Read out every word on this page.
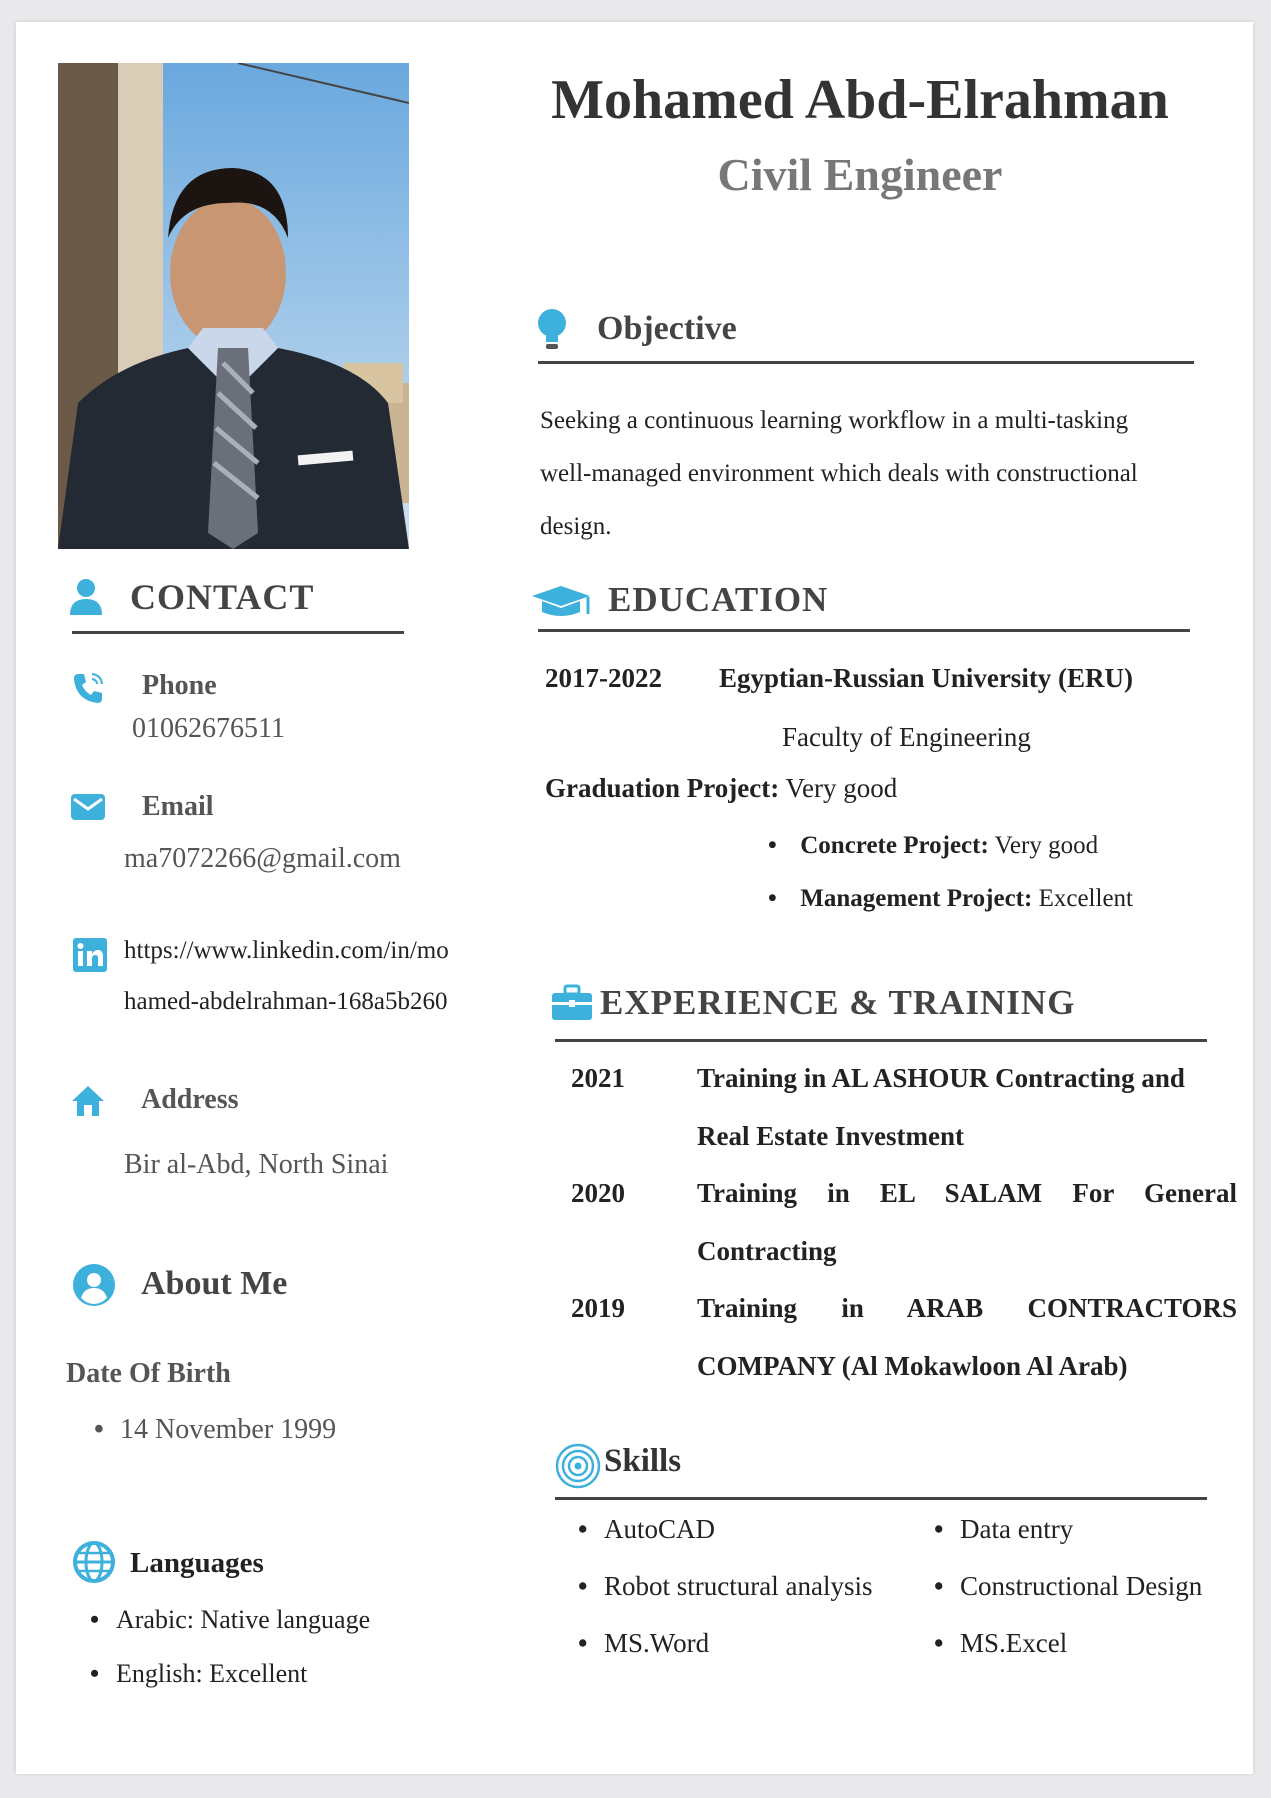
Mohamed Abd-Elrahman
Civil Engineer
CONTACT
Phone
01062676511
Email
ma7072266@gmail.com
https://www.linkedin.com/in/mo
hamed-abdelrahman-168a5b260
Address
Bir al-Abd, North Sinai
About Me
Date Of Birth
• 14 November 1999
Languages
• Arabic: Native language
• English: Excellent
Objective
Seeking a continuous learning workflow in a multi-tasking
well-managed environment which deals with constructional
design.
EDUCATION
2017-2022 Egyptian-Russian University (ERU)
Faculty of Engineering
Graduation Project: Very good
• Concrete Project: Very good
• Management Project: Excellent
EXPERIENCE & TRAINING
2021	Training in AL ASHOUR Contracting and
Real Estate Investment
2020	Training in EL SALAM For General
Contracting
2019	Training in ARAB CONTRACTORS
COMPANY (Al Mokawloon Al Arab)
Skills
• AutoCAD
• Robot structural analysis
• MS.Word
• Data entry
• Constructional Design
• MS.Excel
